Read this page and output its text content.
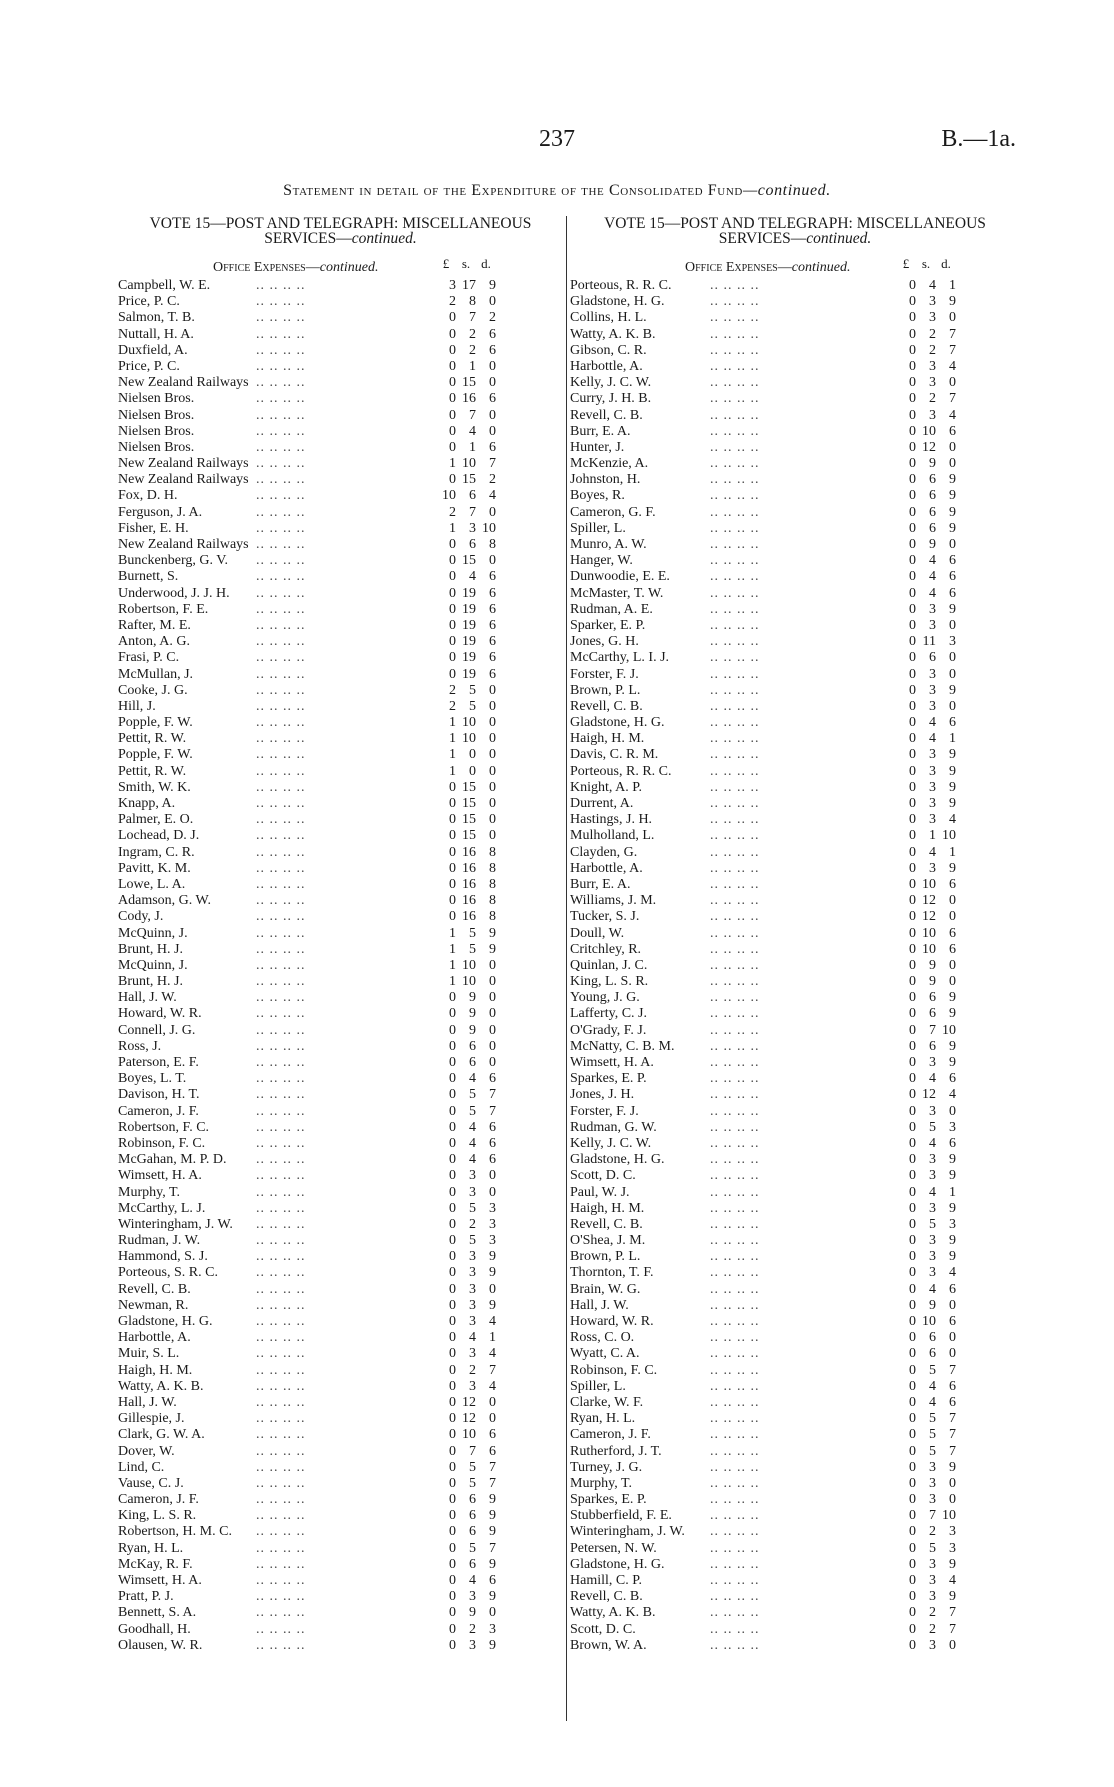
237	B.—1a.
Statement in detail of the Expenditure of the Consolidated Fund—continued.
VOTE 15—POST AND TELEGRAPH: MISCELLANEOUS
SERVICES—continued.
Office Expenses—continued.	£ s. d.
Campbell, W. E.	.. .. .. ..	3 17 9
Price, P. C.	.. .. .. ..	2 8 0
Salmon, T. B.	.. .. .. ..	0 7 2
Nuttall, H. A.	.. .. .. ..	0 2 6
Duxfield, A.	.. .. .. ..	0 2 6
Price, P. C.	.. .. .. ..	0 1 0
New Zealand Railways .. .. .. ..	0 15 0
Nielsen Bros.	.. .. .. ..	0 16 6
Nielsen Bros.	.. .. .. ..	0 7 0
Nielsen Bros.	.. .. .. ..	0 4 0
Nielsen Bros.	.. .. .. ..	0 1 6
New Zealand Railways .. .. .. ..	1 10 7
New Zealand Railways .. .. .. ..	0 15 2
Fox, D. H.	.. .. .. ..	10 6 4
Ferguson, J. A.	.. .. .. ..	2 7 0
Fisher, E. H.	.. .. .. ..	1 3 10
New Zealand Railways .. .. .. ..	0 6 8
Bunckenberg, G. V. .. .. .. ..	0 15 0
Burnett, S.	.. .. .. ..	0 4 6
Underwood, J. J. H. .. .. .. ..	0 19 6
Robertson, F. E.	.. .. .. ..	0 19 6
Rafter, M. E.	.. .. .. ..	0 19 6
Anton, A. G.	.. .. .. ..	0 19 6
Frasi, P. C.	.. .. .. ..	0 19 6
McMullan, J.	.. .. .. ..	0 19 6
Cooke, J. G.	.. .. .. ..	2 5 0
Hill, J.	.. .. .. ..	2 5 0
Popple, F. W.	.. .. .. ..	1 10 0
Pettit, R. W.	.. .. .. ..	1 10 0
Popple, F. W.	.. .. .. ..	1 0 0
Pettit, R. W.	.. .. .. ..	1 0 0
Smith, W. K.	.. .. .. ..	0 15 0
Knapp, A.	.. .. .. ..	0 15 0
Palmer, E. O.	.. .. .. ..	0 15 0
Lochead, D. J.	.. .. .. ..	0 15 0
Ingram, C. R.	.. .. .. ..	0 16 8
Pavitt, K. M.	.. .. .. ..	0 16 8
Lowe, L. A.	.. .. .. ..	0 16 8
Adamson, G. W.	.. .. .. ..	0 16 8
Cody, J.	.. .. .. ..	0 16 8
McQuinn, J.	.. .. .. ..	1 5 9
Brunt, H. J.	.. .. .. ..	1 5 9
McQuinn, J.	.. .. .. ..	1 10 0
Brunt, H. J.	.. .. .. ..	1 10 0
Hall, J. W.	.. .. .. ..	0 9 0
Howard, W. R.	.. .. .. ..	0 9 0
Connell, J. G.	.. .. .. ..	0 9 0
Ross, J.	.. .. .. ..	0 6 0
Paterson, E. F.	.. .. .. ..	0 6 0
Boyes, L. T.	.. .. .. ..	0 4 6
Davison, H. T.	.. .. .. ..	0 5 7
Cameron, J. F.	.. .. .. ..	0 5 7
Robertson, F. C.	.. .. .. ..	0 4 6
Robinson, F. C.	.. .. .. ..	0 4 6
McGahan, M. P. D. .. .. .. ..	0 4 6
Wimsett, H. A.	.. .. .. ..	0 3 0
Murphy, T.	.. .. .. ..	0 3 0
McCarthy, L. J.	.. .. .. ..	0 5 3
Winteringham, J. W. .. .. .. ..	0 2 3
Rudman, J. W.	.. .. .. ..	0 5 3
Hammond, S. J.	.. .. .. ..	0 3 9
Porteous, S. R. C.	.. .. .. ..	0 3 9
Revell, C. B.	.. .. .. ..	0 3 0
Newman, R.	.. .. .. ..	0 3 9
Gladstone, H. G.	.. .. .. ..	0 3 4
Harbottle, A.	.. .. .. ..	0 4 1
Muir, S. L.	.. .. .. ..	0 3 4
Haigh, H. M.	.. .. .. ..	0 2 7
Watty, A. K. B.	.. .. .. ..	0 3 4
Hall, J. W.	.. .. .. ..	0 12 0
Gillespie, J.	.. .. .. ..	0 12 0
Clark, G. W. A.	.. .. .. ..	0 10 6
Dover, W.	.. .. .. ..	0 7 6
Lind, C.	.. .. .. ..	0 5 7
Vause, C. J.	.. .. .. ..	0 5 7
Cameron, J. F.	.. .. .. ..	0 6 9
King, L. S. R.	.. .. .. ..	0 6 9
Robertson, H. M. C. .. .. .. ..	0 6 9
Ryan, H. L.	.. .. .. ..	0 5 7
McKay, R. F.	.. .. .. ..	0 6 9
Wimsett, H. A.	.. .. .. ..	0 4 6
Pratt, P. J.	.. .. .. ..	0 3 9
Bennett, S. A.	.. .. .. ..	0 9 0
Goodhall, H.	.. .. .. ..	0 2 3
Olausen, W. R.	.. .. .. ..	0 3 9
VOTE 15—POST AND TELEGRAPH: MISCELLANEOUS
SERVICES—continued.
Office Expenses—continued.	£ s. d.
Porteous, R. R. C.	.. .. .. ..	0 4 1
Gladstone, H. G.	.. .. .. ..	0 3 9
Collins, H. L.	.. .. .. ..	0 3 0
Watty, A. K. B.	.. .. .. ..	0 2 7
Gibson, C. R.	.. .. .. ..	0 2 7
Harbottle, A.	.. .. .. ..	0 3 4
Kelly, J. C. W.	.. .. .. ..	0 3 0
Curry, J. H. B.	.. .. .. ..	0 2 7
Revell, C. B.	.. .. .. ..	0 3 4
Burr, E. A.	.. .. .. ..	0 10 6
Hunter, J.	.. .. .. ..	0 12 0
McKenzie, A.	.. .. .. ..	0 9 0
Johnston, H.	.. .. .. ..	0 6 9
Boyes, R.	.. .. .. ..	0 6 9
Cameron, G. F.	.. .. .. ..	0 6 9
Spiller, L.	.. .. .. ..	0 6 9
Munro, A. W.	.. .. .. ..	0 9 0
Hanger, W.	.. .. .. ..	0 4 6
Dunwoodie, E. E.	.. .. .. ..	0 4 6
McMaster, T. W.	.. .. .. ..	0 4 6
Rudman, A. E.	.. .. .. ..	0 3 9
Sparker, E. P.	.. .. .. ..	0 3 0
Jones, G. H.	.. .. .. ..	0 11 3
McCarthy, L. I. J.	.. .. .. ..	0 6 0
Forster, F. J.	.. .. .. ..	0 3 0
Brown, P. L.	.. .. .. ..	0 3 9
Revell, C. B.	.. .. .. ..	0 3 0
Gladstone, H. G.	.. .. .. ..	0 4 6
Haigh, H. M.	.. .. .. ..	0 4 1
Davis, C. R. M.	.. .. .. ..	0 3 9
Porteous, R. R. C.	.. .. .. ..	0 3 9
Knight, A. P.	.. .. .. ..	0 3 9
Durrent, A.	.. .. .. ..	0 3 9
Hastings, J. H.	.. .. .. ..	0 3 4
Mulholland, L.	.. .. .. ..	0 1 10
Clayden, G.	.. .. .. ..	0 4 1
Harbottle, A.	.. .. .. ..	0 3 9
Burr, E. A.	.. .. .. ..	0 10 6
Williams, J. M.	.. .. .. ..	0 12 0
Tucker, S. J.	.. .. .. ..	0 12 0
Doull, W.	.. .. .. ..	0 10 6
Critchley, R.	.. .. .. ..	0 10 6
Quinlan, J. C.	.. .. .. ..	0 9 0
King, L. S. R.	.. .. .. ..	0 9 0
Young, J. G.	.. .. .. ..	0 6 9
Lafferty, C. J.	.. .. .. ..	0 6 9
O'Grady, F. J.	.. .. .. ..	0 7 10
McNatty, C. B. M.	.. .. .. ..	0 6 9
Wimsett, H. A.	.. .. .. ..	0 3 9
Sparkes, E. P.	.. .. .. ..	0 4 6
Jones, J. H.	.. .. .. ..	0 12 4
Forster, F. J.	.. .. .. ..	0 3 0
Rudman, G. W.	.. .. .. ..	0 5 3
Kelly, J. C. W.	.. .. .. ..	0 4 6
Gladstone, H. G.	.. .. .. ..	0 3 9
Scott, D. C.	.. .. .. ..	0 3 9
Paul, W. J.	.. .. .. ..	0 4 1
Haigh, H. M.	.. .. .. ..	0 3 9
Revell, C. B.	.. .. .. ..	0 5 3
O'Shea, J. M.	.. .. .. ..	0 3 9
Brown, P. L.	.. .. .. ..	0 3 9
Thornton, T. F.	.. .. .. ..	0 3 4
Brain, W. G.	.. .. .. ..	0 4 6
Hall, J. W.	.. .. .. ..	0 9 0
Howard, W. R.	.. .. .. ..	0 10 6
Ross, C. O.	.. .. .. ..	0 6 0
Wyatt, C. A.	.. .. .. ..	0 6 0
Robinson, F. C.	.. .. .. ..	0 5 7
Spiller, L.	.. .. .. ..	0 4 6
Clarke, W. F.	.. .. .. ..	0 4 6
Ryan, H. L.	.. .. .. ..	0 5 7
Cameron, J. F.	.. .. .. ..	0 5 7
Rutherford, J. T.	.. .. .. ..	0 5 7
Turney, J. G.	.. .. .. ..	0 3 9
Murphy, T.	.. .. .. ..	0 3 0
Sparkes, E. P.	.. .. .. ..	0 3 0
Stubberfield, F. E.	.. .. .. ..	0 7 10
Winteringham, J. W. .. .. .. ..	0 2 3
Petersen, N. W.	.. .. .. ..	0 5 3
Gladstone, H. G.	.. .. .. ..	0 3 9
Hamill, C. P.	.. .. .. ..	0 3 4
Revell, C. B.	.. .. .. ..	0 3 9
Watty, A. K. B.	.. .. .. ..	0 2 7
Scott, D. C.	.. .. .. ..	0 2 7
Brown, W. A.	.. .. .. ..	0 3 0
